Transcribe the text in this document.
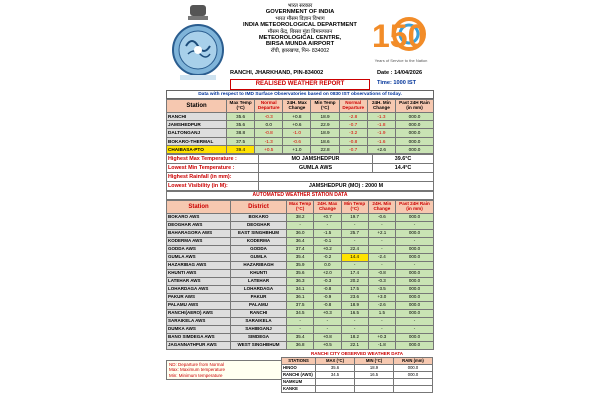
भारत सरकार
GOVERNMENT OF INDIA
भारत मौसम विज्ञान विभाग
INDIA METEOROLOGICAL DEPARTMENT
मौसम केंद्र, बिरसा मुंडा विमानपत्तन
METEOROLOGICAL CENTRE,
BIRSA MUNDA AIRPORT
राँची, झारखण्ड, पिन- 834002	150
Years of Service to the Nation
RANCHI, JHARKHAND, PIN-834002	Date : 14/04/2026
REALISED WEATHER REPORT	Time: 1000 IST
Data with respect to IMD Surface Observatories based on 0830 IST observations of today.
Station	Max Temp (°C)	Normal Departure	24H. Max Change	Min Temp (°C)	Normal Departure	24H. Min Change	Past 24H Rain (in mm)
RANCHI	35.6	-0.3	+0.8	18.9	-2.8	-1.3	000.0
JAMSHEDPUR	35.6	0.0	+0.6	22.9	-0.7	-1.8	000.0
DALTONGANJ	38.8	-0.8	-1.0	18.9	-3.2	-1.9	000.0
BOKARO-THERMAL	37.5	-1.3	-0.6	18.6	-0.8	-1.6	000.0
CHAIBASA-PTO	39.4	+0.5	+1.0	22.8	-0.7	+2.6	000.0
Highest Max Temperature :	MO JAMSHEDPUR	39.6°C
Lowest Min Temperature :	GUMLA AWS	14.4°C
Highest Rainfall (in mm):		
Lowest Visibility (in M):	JAMSHEDPUR (MO) : 2000 M	
AUTOMATED WEATHER STATION DATA
Station	District	Max Temp (°C)	24H. Max Change	Min Temp (°C)	24H. Min Change	Past 24H Rain (in mm)
BOKARO AWS	BOKARO	38.2	+0.7	19.7	-0.6	000.0
DEOGHAR AWS	DEOGHAR	-	-	-	-	-
BAHARAGORA AWS	EAST SINGHBHUM	36.0	-1.5	25.7	+2.1	000.0
KODERMA AWS	KODERMA	36.4	-0.1	-	-	-
GODDA AWS	GODDA	37.4	+0.2	22.4	-	000.0
GUMLA AWS	GUMLA	35.4	-0.2	14.4	-2.4	000.0
HAZARIBAG AWS	HAZARIBAGH	35.9	0.0	-	-	-
KHUNTI AWS	KHUNTI	35.6	+2.0	17.4	-0.8	000.0
LATEHAR AWS	LATEHAR	36.3	-0.3	20.2	-0.3	000.0
LOHARDAGA AWS	LOHARDAGA	34.1	-0.8	17.5	-3.5	000.0
PAKUR AWS	PAKUR	36.1	-0.9	23.6	+3.0	000.0
PALAMU AWS	PALAMU	37.5	-0.8	18.9	-2.6	000.0
RANCHI(AERO) AWS	RANCHI	34.5	+0.3	16.5	1.5	000.0
SARAIKELA AWS	SARAIKELA	-	-	-	-	-
DUMKA AWS	SAHIBGANJ	-	-	-	-	-
BANO SIMDEGA AWS	SIMDEGA	35.4	+0.8	18.2	+0.3	000.0
JAGANNATHPUR AWS	WEST SINGHBHUM	36.8	+0.5	22.1	-1.8	000.0
ND: Departure from Normal
Max: Maximum temperature
Min: Minimum temperature
RANCHI CITY OBSERVED WEATHER DATA
STATIONS	MAX (°C)	MIN (°C)	RAIN (mm)
HINOO	35.6	18.9	000.0
RANCHI (AWS)	34.5	16.5	000.0
NAMKUM			
KANKE			
